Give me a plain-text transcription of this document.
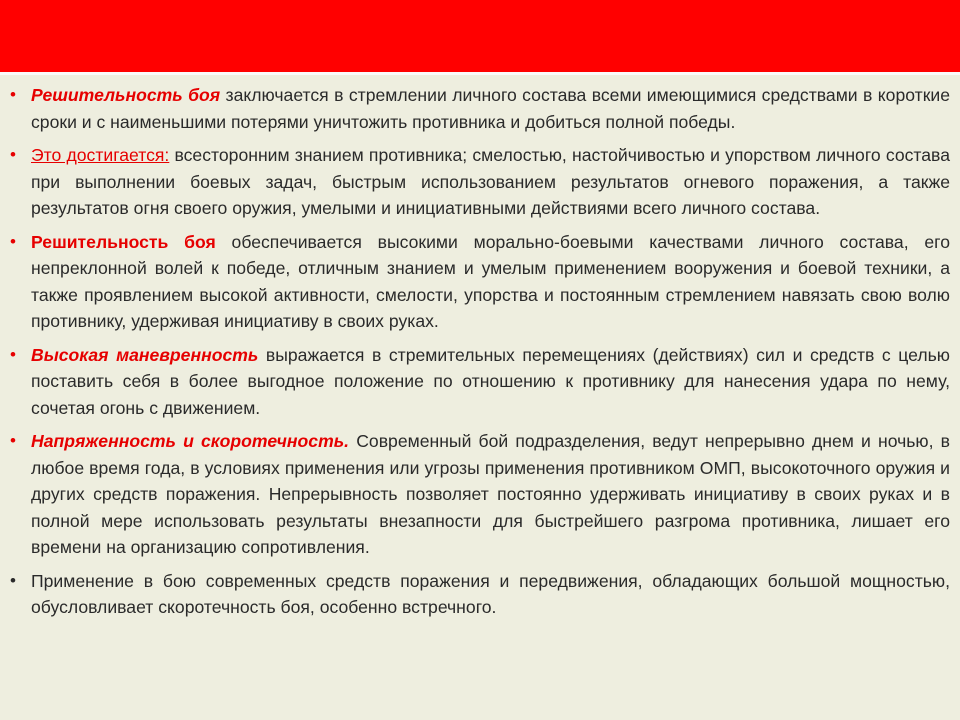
• Решительность боя заключается в стремлении личного состава всеми имеющимися средствами в короткие сроки и с наименьшими потерями уничтожить противника и добиться полной победы.
• Это достигается: всесторонним знанием противника; смелостью, настойчивостью и упорством личного состава при выполнении боевых задач, быстрым использованием результатов огневого поражения, а также результатов огня своего оружия, умелыми и инициативными действиями всего личного состава.
• Решительность боя обеспечивается высокими морально-боевыми качествами личного состава, его непреклонной волей к победе, отличным знанием и умелым применением вооружения и боевой техники, а также проявлением высокой активности, смелости, упорства и постоянным стремлением навязать свою волю противнику, удерживая инициативу в своих руках.
• Высокая маневренность выражается в стремительных перемещениях (действиях) сил и средств с целью поставить себя в более выгодное положение по отношению к противнику для нанесения удара по нему, сочетая огонь с движением.
• Напряженность и скоротечность. Современный бой подразделения, ведут непрерывно днем и ночью, в любое время года, в условиях применения или угрозы применения противником ОМП, высокоточного оружия и других средств поражения. Непрерывность позволяет постоянно удерживать инициативу в своих руках и в полной мере использовать результаты внезапности для быстрейшего разгрома противника, лишает его времени на организацию сопротивления.
• Применение в бою современных средств поражения и передвижения, обладающих большой мощностью, обусловливает скоротечность боя, особенно встречного.
